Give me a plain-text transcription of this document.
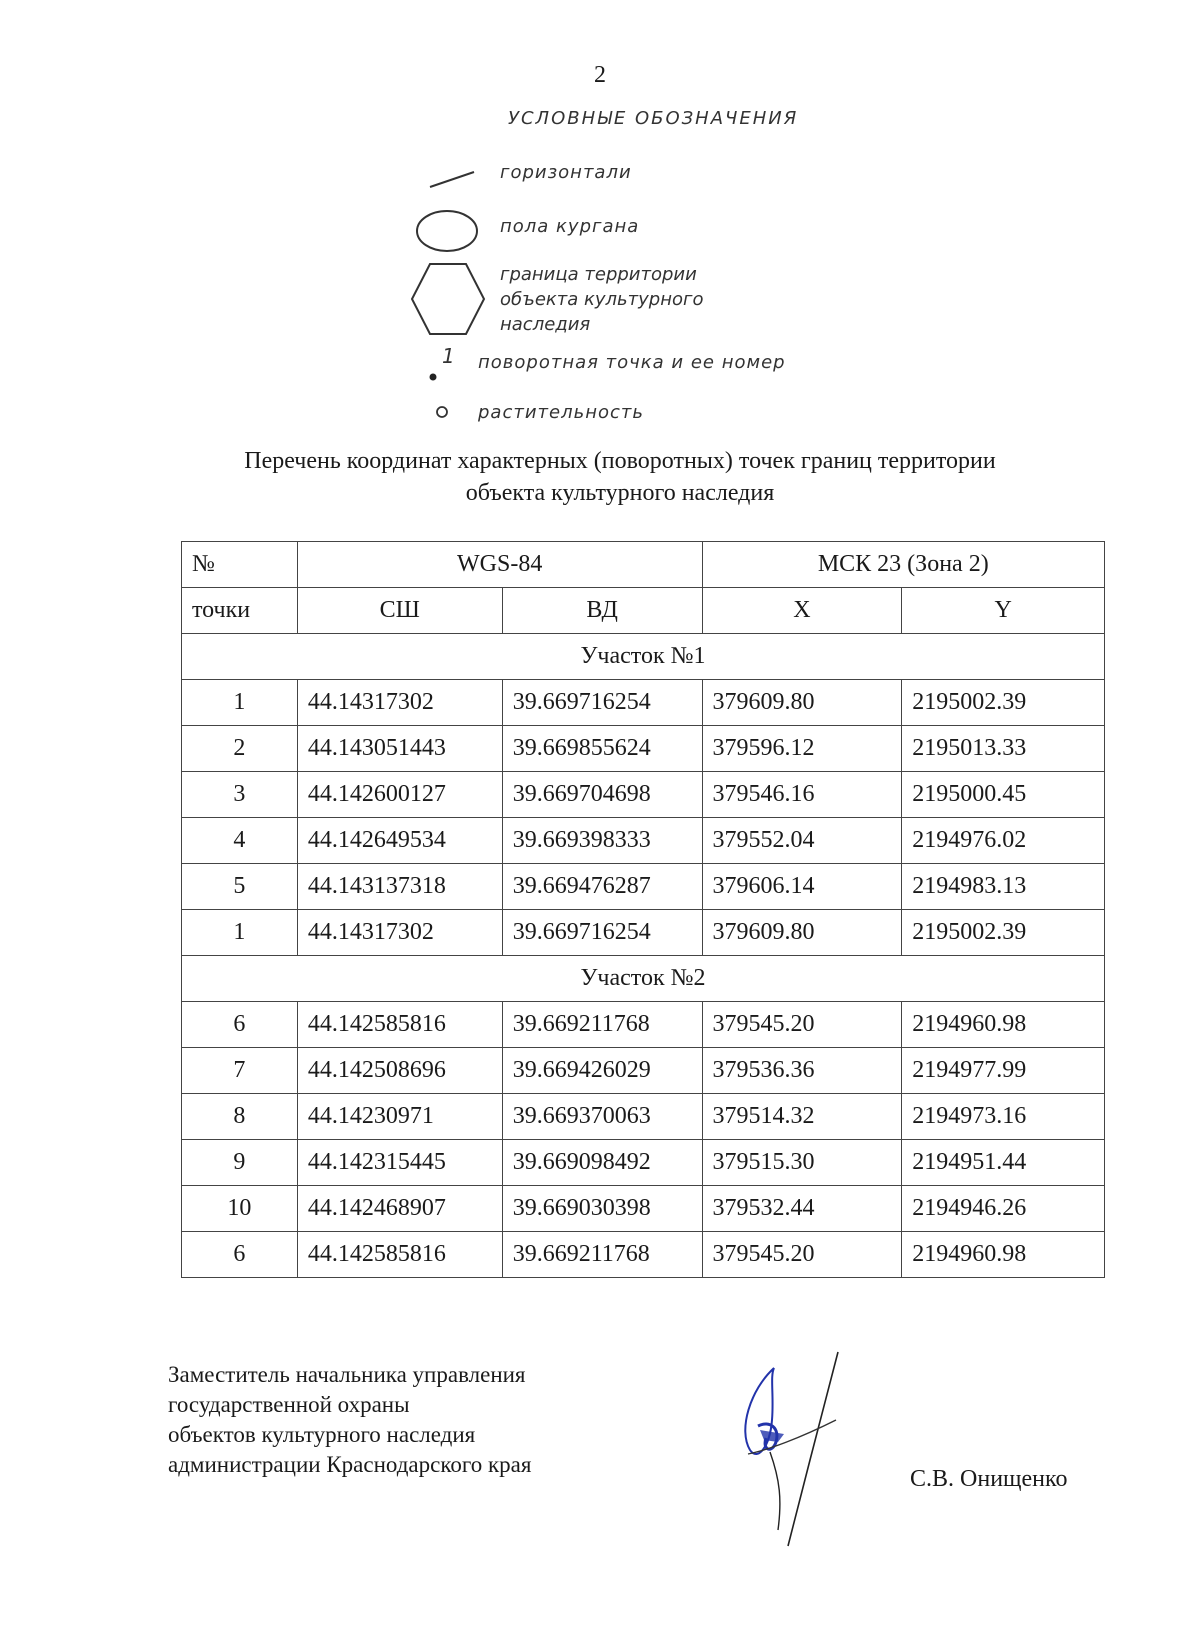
2
УСЛОВНЫЕ ОБОЗНАЧЕНИЯ
горизонтали
пола кургана
граница территории
объекта культурного
наследия
1 поворотная точка и ее номер
растительность
Перечень координат характерных (поворотных) точек границ территории
объекта культурного наследия
№	WGS-84		МСК 23 (Зона 2)	
точки	СШ	ВД	X	Y
Участок №1				
1	44.14317302	39.669716254	379609.80	2195002.39
2	44.143051443	39.669855624	379596.12	2195013.33
3	44.142600127	39.669704698	379546.16	2195000.45
4	44.142649534	39.669398333	379552.04	2194976.02
5	44.143137318	39.669476287	379606.14	2194983.13
1	44.14317302	39.669716254	379609.80	2195002.39
Участок №2				
6	44.142585816	39.669211768	379545.20	2194960.98
7	44.142508696	39.669426029	379536.36	2194977.99
8	44.14230971	39.669370063	379514.32	2194973.16
9	44.142315445	39.669098492	379515.30	2194951.44
10	44.142468907	39.669030398	379532.44	2194946.26
6	44.142585816	39.669211768	379545.20	2194960.98
Заместитель начальника управления
государственной охраны
объектов культурного наследия
администрации Краснодарского края
С.В. Онищенко
